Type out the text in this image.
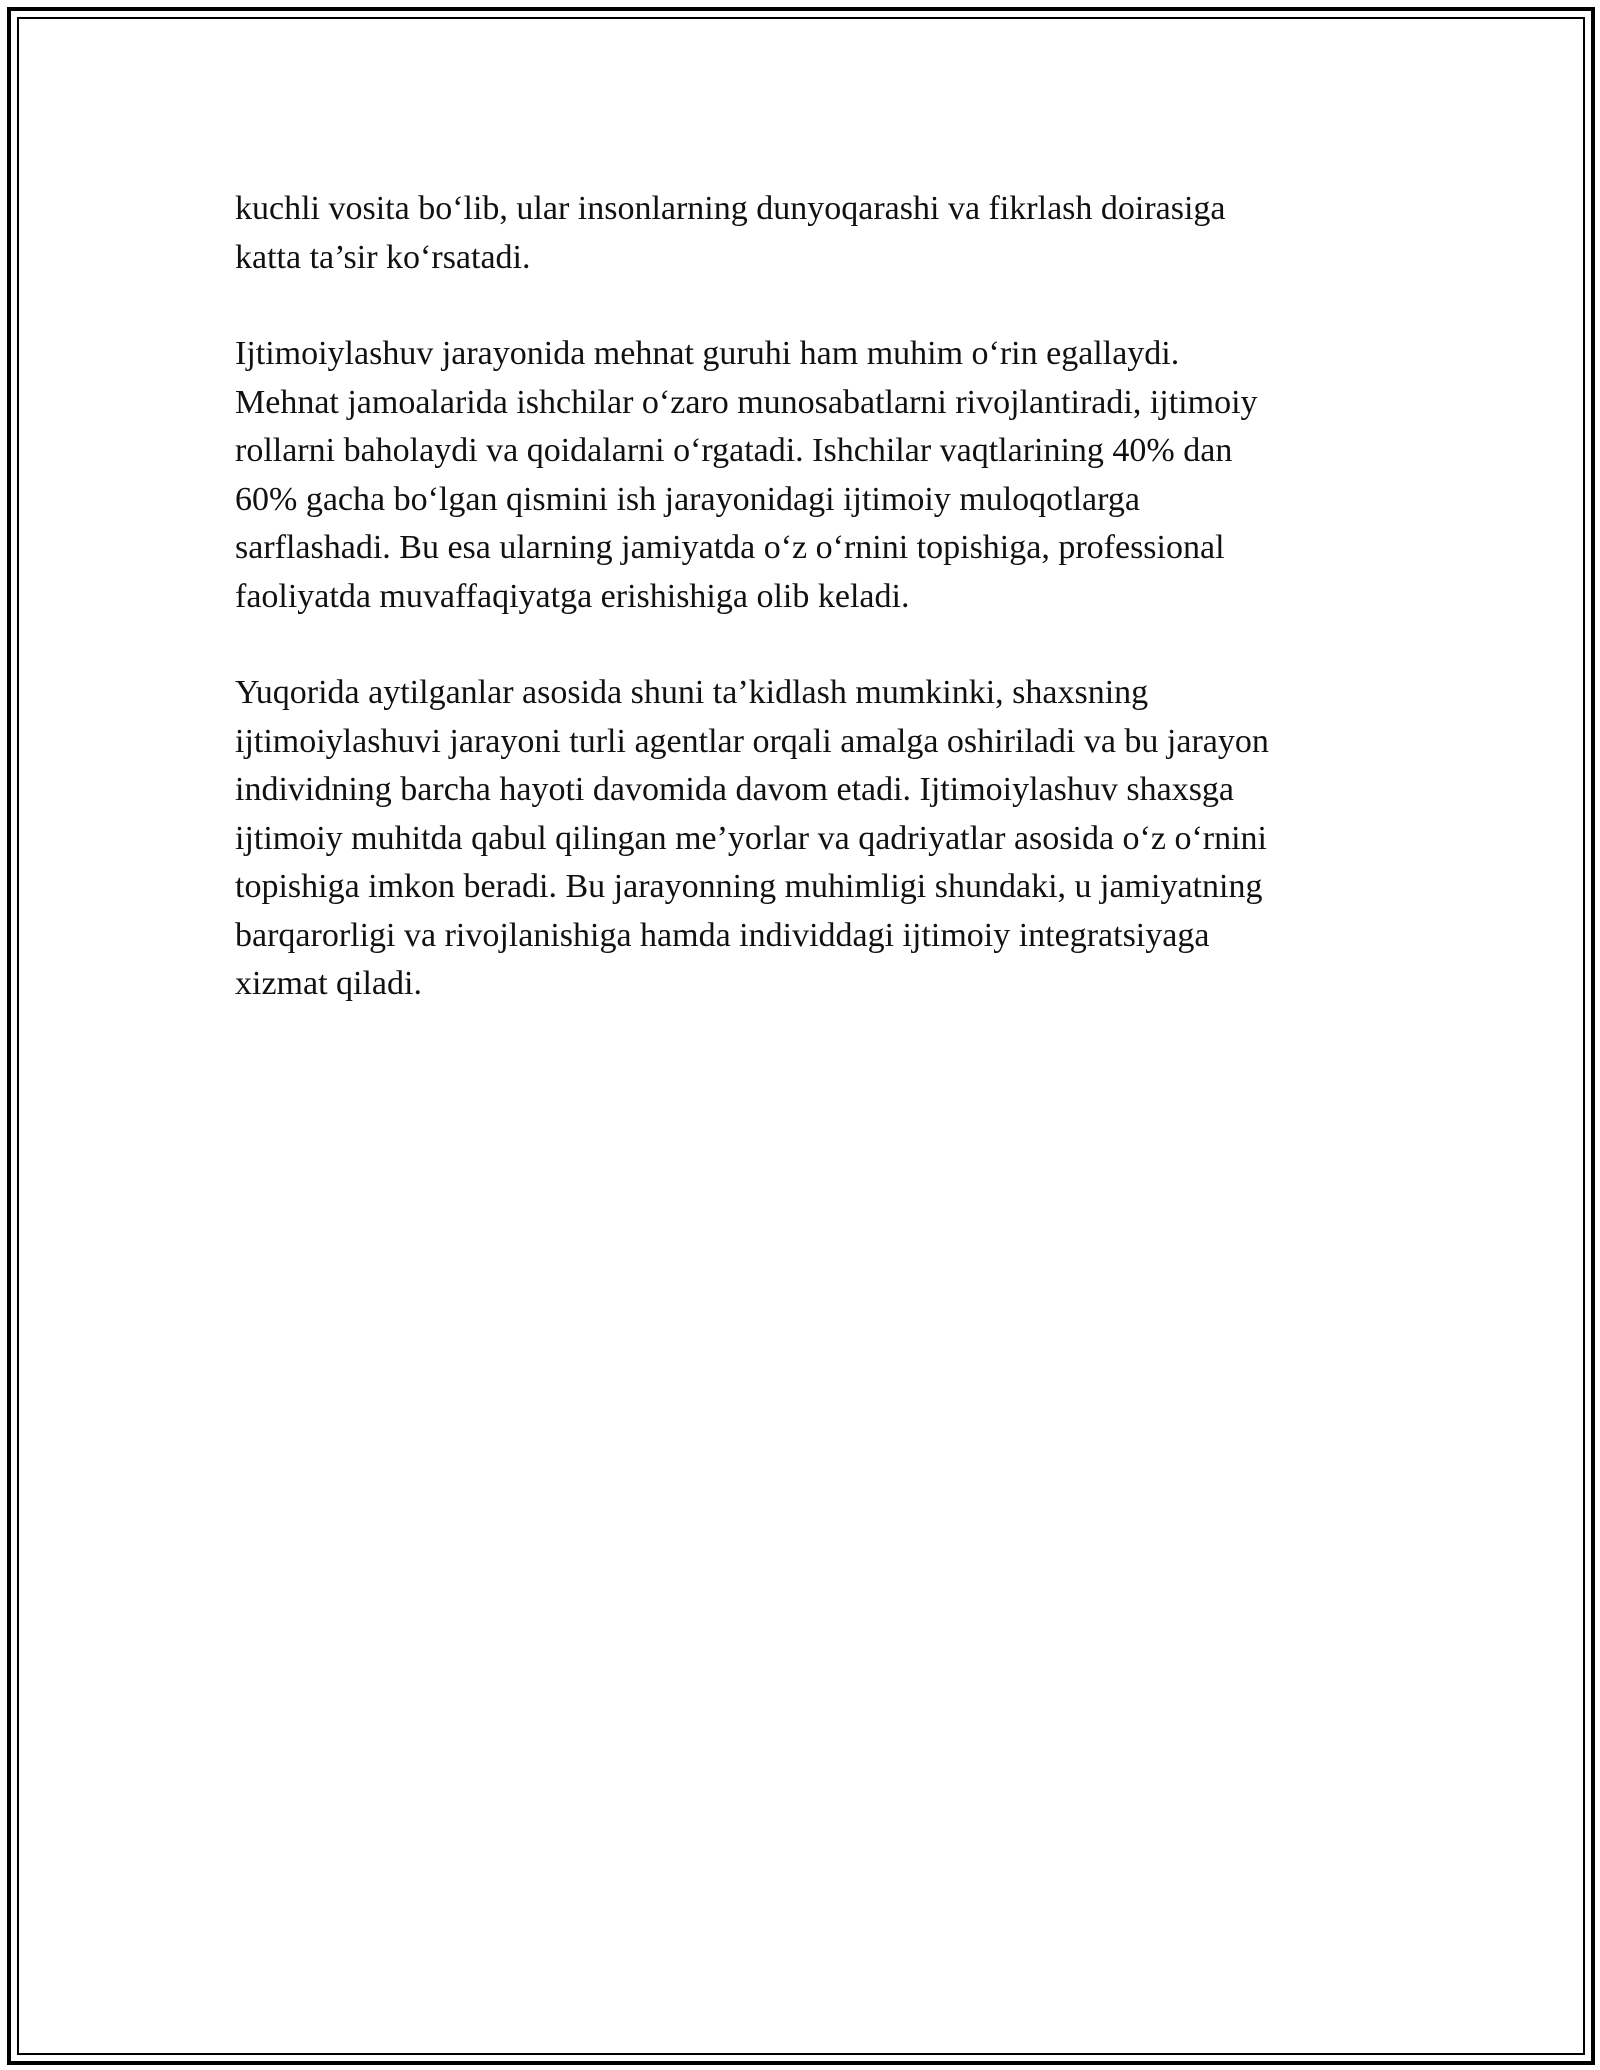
kuchli vosita bo‘lib, ular insonlarning dunyoqarashi va fikrlash doirasiga
katta ta’sir ko‘rsatadi.

Ijtimoiylashuv jarayonida mehnat guruhi ham muhim o‘rin egallaydi.
Mehnat jamoalarida ishchilar o‘zaro munosabatlarni rivojlantiradi, ijtimoiy
rollarni baholaydi va qoidalarni o‘rgatadi. Ishchilar vaqtlarining 40% dan
60% gacha bo‘lgan qismini ish jarayonidagi ijtimoiy muloqotlarga
sarflashadi. Bu esa ularning jamiyatda o‘z o‘rnini topishiga, professional
faoliyatda muvaffaqiyatga erishishiga olib keladi.

Yuqorida aytilganlar asosida shuni ta’kidlash mumkinki, shaxsning
ijtimoiylashuvi jarayoni turli agentlar orqali amalga oshiriladi va bu jarayon
individning barcha hayoti davomida davom etadi. Ijtimoiylashuv shaxsga
ijtimoiy muhitda qabul qilingan me’yorlar va qadriyatlar asosida o‘z o‘rnini
topishiga imkon beradi. Bu jarayonning muhimligi shundaki, u jamiyatning
barqarorligi va rivojlanishiga hamda individdagi ijtimoiy integratsiyaga
xizmat qiladi.
